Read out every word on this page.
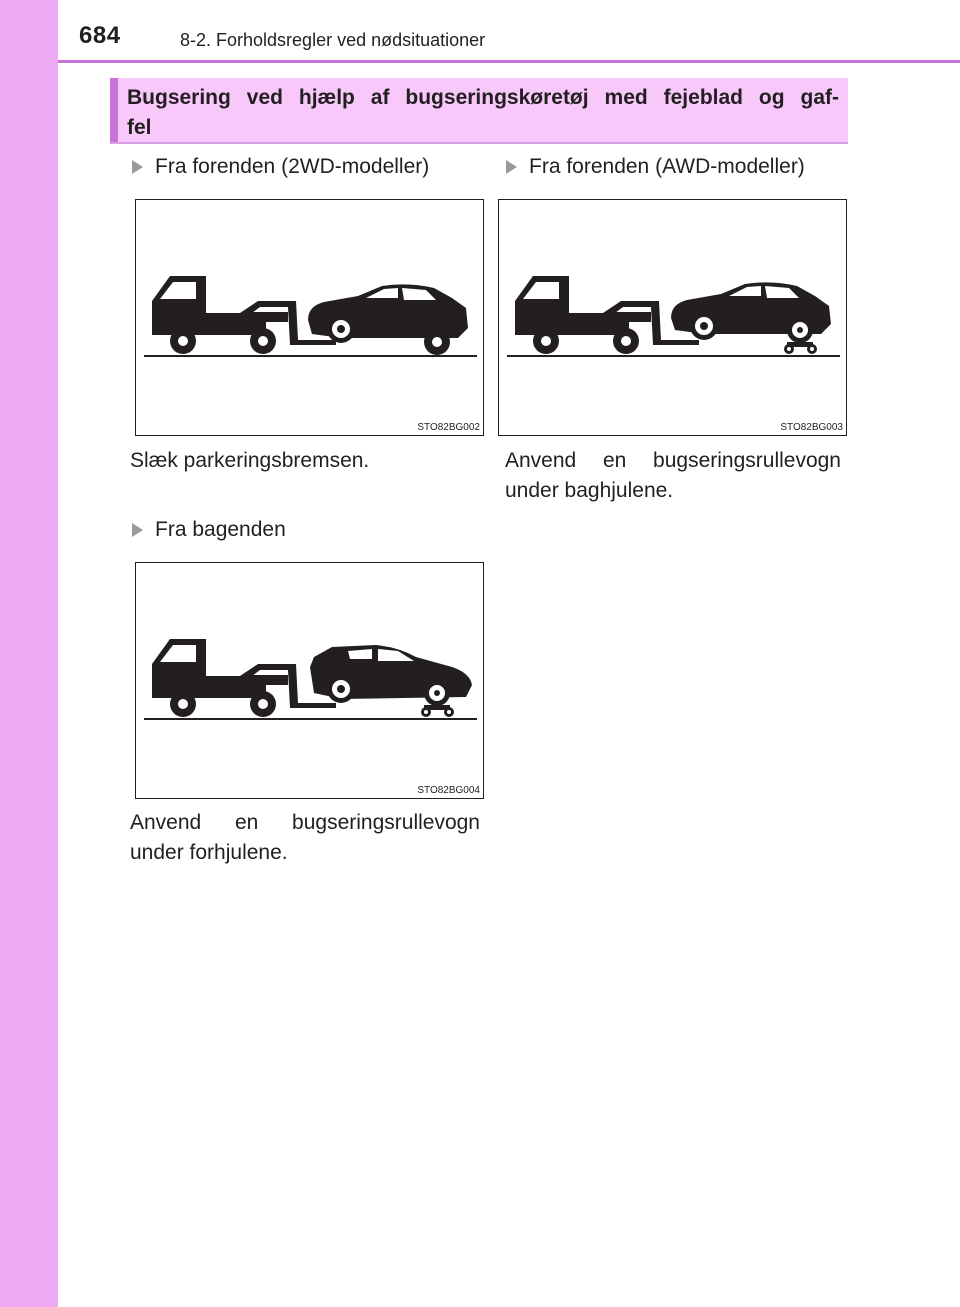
684	8-2. Forholdsregler ved nødsituationer
Bugsering ved hjælp af bugseringskøretøj med fejeblad og gaf-
fel
Fra forenden (2WD-modeller)
STO82BG002
Slæk parkeringsbremsen.
Fra forenden (AWD-modeller)
STO82BG003
Anvend en bugseringsrullevogn
under baghjulene.
Fra bagenden
STO82BG004
Anvend en bugseringsrullevogn
under forhjulene.
